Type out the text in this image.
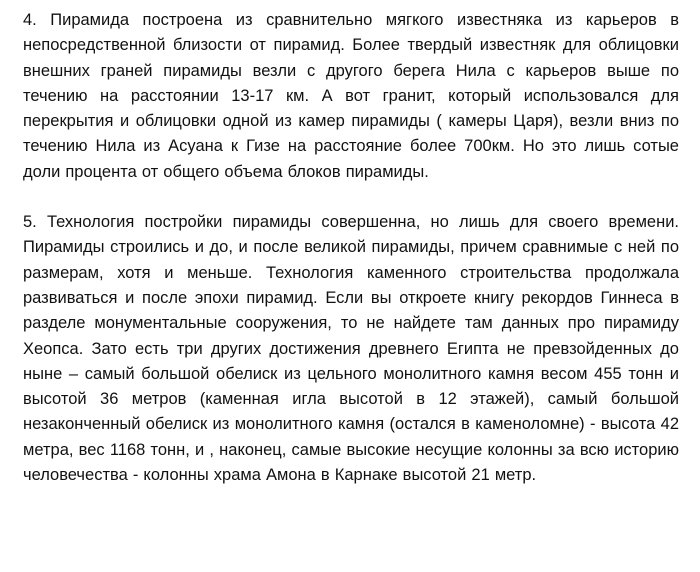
4. Пирамида построена из сравнительно мягкого известняка из карьеров в непосредственной близости от пирамид. Более твердый известняк для облицовки внешних граней пирамиды везли с другого берега Нила с карьеров выше по течению на расстоянии 13-17 км. А вот гранит, который использовался для перекрытия и облицовки одной из камер пирамиды ( камеры Царя), везли вниз по течению Нила из Асуана к Гизе на расстояние более 700км. Но это лишь сотые доли процента от общего объема блоков пирамиды.

5. Технология постройки пирамиды совершенна, но лишь для своего времени. Пирамиды строились и до, и после великой пирамиды, причем сравнимые с ней по размерам, хотя и меньше. Технология каменного строительства продолжала развиваться и после эпохи пирамид. Если вы откроете книгу рекордов Гиннеса в разделе монументальные сооружения, то не найдете там данных про пирамиду Хеопса. Зато есть три других достижения древнего Египта не превзойденных до ныне – самый большой обелиск из цельного монолитного камня весом 455 тонн и высотой 36 метров (каменная игла высотой в 12 этажей), самый большой незаконченный обелиск из монолитного камня (остался в каменоломне) - высота 42 метра, вес 1168 тонн, и , наконец, самые высокие несущие колонны за всю историю человечества - колонны храма Амона в Карнаке высотой 21 метр.
